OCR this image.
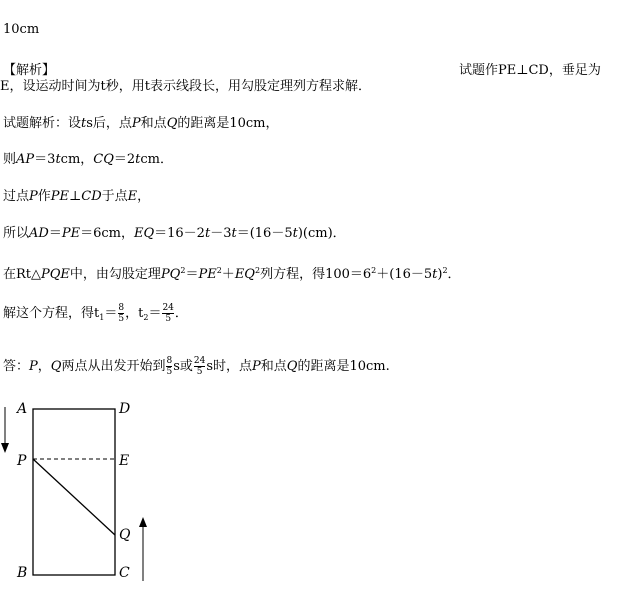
10cm
【解析】	试题作PE⊥CD，垂足为
E，设运动时间为t秒，用t表示线段长，用勾股定理列方程求解．
试题解析：设ts后，点P和点Q的距离是10cm，
则AP＝3tcm，CQ＝2tcm．
过点P作PE⊥CD于点E，
所以AD＝PE＝6cm，EQ＝16－2t－3t＝(16－5t)(cm)．
在Rt△PQE中，由勾股定理$PQ^2=PE^2+EQ^2$列方程，得$100=6^2+(16-5t)^2$．
解这个方程，得$t_1= \frac{8}{5}$ ，$t_2= \frac{24}{5}$ ．
答：P，Q两点从出发开始到 $\frac{8}{5}$ s或 $\frac{24}{5}$ s时，点P和点Q的距离是10cm.
A	D
P	E
Q
B	C
